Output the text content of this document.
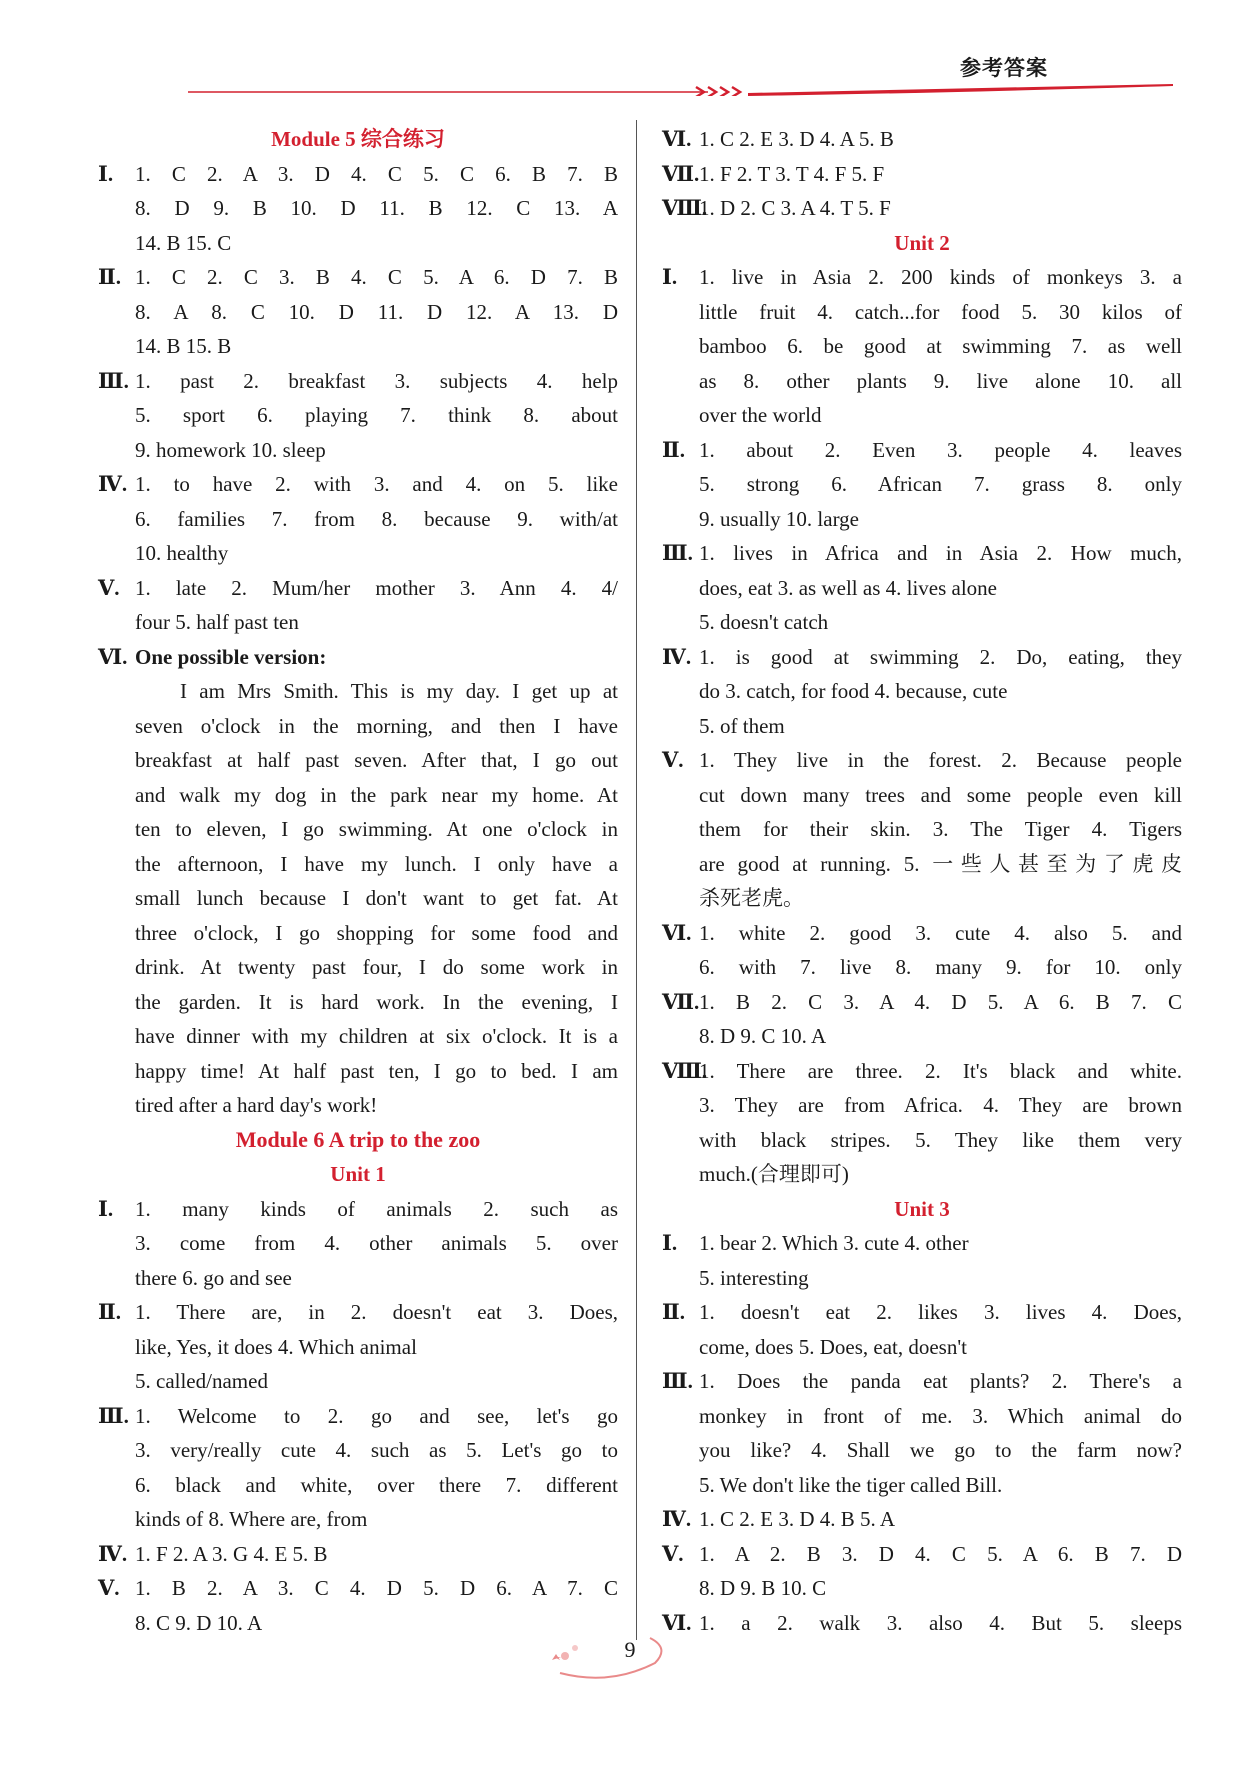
参考答案
Module 5 综合练习
Ⅰ. 1. C 2. A 3. D 4. C 5. C 6. B 7. B
8. D 9. B 10. D 11. B 12. C 13. A
14. B 15. C
Ⅱ. 1. C 2. C 3. B 4. C 5. A 6. D 7. B
8. A 8. C 10. D 11. D 12. A 13. D
14. B 15. B
Ⅲ. 1. past 2. breakfast 3. subjects 4. help
5. sport 6. playing 7. think 8. about
9. homework 10. sleep
Ⅳ. 1. to have 2. with 3. and 4. on 5. like
6. families 7. from 8. because 9. with/at
10. healthy
Ⅴ. 1. late 2. Mum/her mother 3. Ann 4. 4/
four 5. half past ten
Ⅵ. One possible version:
I am Mrs Smith. This is my day. I get up at
seven o'clock in the morning, and then I have
breakfast at half past seven. After that, I go out
and walk my dog in the park near my home. At
ten to eleven, I go swimming. At one o'clock in
the afternoon, I have my lunch. I only have a
small lunch because I don't want to get fat. At
three o'clock, I go shopping for some food and
drink. At twenty past four, I do some work in
the garden. It is hard work. In the evening, I
have dinner with my children at six o'clock. It is a
happy time! At half past ten, I go to bed. I am
tired after a hard day's work!
Module 6 A trip to the zoo
Unit 1
Ⅰ. 1. many kinds of animals 2. such as
3. come from 4. other animals 5. over
there 6. go and see
Ⅱ. 1. There are, in 2. doesn't eat 3. Does,
like, Yes, it does 4. Which animal
5. called/named
Ⅲ. 1. Welcome to 2. go and see, let's go
3. very/really cute 4. such as 5. Let's go to
6. black and white, over there 7. different
kinds of 8. Where are, from
Ⅳ. 1. F 2. A 3. G 4. E 5. B
Ⅴ. 1. B 2. A 3. C 4. D 5. D 6. A 7. C
8. C 9. D 10. A
Ⅵ. 1. C 2. E 3. D 4. A 5. B
Ⅶ. 1. F 2. T 3. T 4. F 5. F
Ⅷ.
1. D 2. C 3. A 4. T 5. F
Unit 2
Ⅰ. 1. live in Asia 2. 200 kinds of monkeys 3. a
little fruit 4. catch...for food 5. 30 kilos of
bamboo 6. be good at swimming 7. as well
as 8. other plants 9. live alone 10. all
over the world
Ⅱ. 1. about 2. Even 3. people 4. leaves
5. strong 6. African 7. grass 8. only
9. usually 10. large
Ⅲ. 1. lives in Africa and in Asia 2. How much,
does, eat 3. as well as 4. lives alone
5. doesn't catch
Ⅳ. 1. is good at swimming 2. Do, eating, they
do 3. catch, for food 4. because, cute
5. of them
Ⅴ. 1. They live in the forest. 2. Because people
cut down many trees and some people even kill
them for their skin. 3. The Tiger 4. Tigers
are good at running. 5. 一些人甚至为了虎皮
杀死老虎。
Ⅵ. 1. white 2. good 3. cute 4. also 5. and
6. with 7. live 8. many 9. for 10. only
Ⅶ. 1. B 2. C 3. A 4. D 5. A 6. B 7. C
8. D 9. C 10. A
Ⅷ.
1. There are three. 2. It's black and white.
3. They are from Africa. 4. They are brown
with black stripes. 5. They like them very
much.(合理即可)
Unit 3
Ⅰ. 1. bear 2. Which 3. cute 4. other
5. interesting
Ⅱ. 1. doesn't eat 2. likes 3. lives 4. Does,
come, does 5. Does, eat, doesn't
Ⅲ. 1. Does the panda eat plants? 2. There's a
monkey in front of me. 3. Which animal do
you like? 4. Shall we go to the farm now?
5. We don't like the tiger called Bill.
Ⅳ. 1. C 2. E 3. D 4. B 5. A
Ⅴ. 1. A 2. B 3. D 4. C 5. A 6. B 7. D
8. D 9. B 10. C
Ⅵ. 1. a 2. walk 3. also 4. But 5. sleeps
9
